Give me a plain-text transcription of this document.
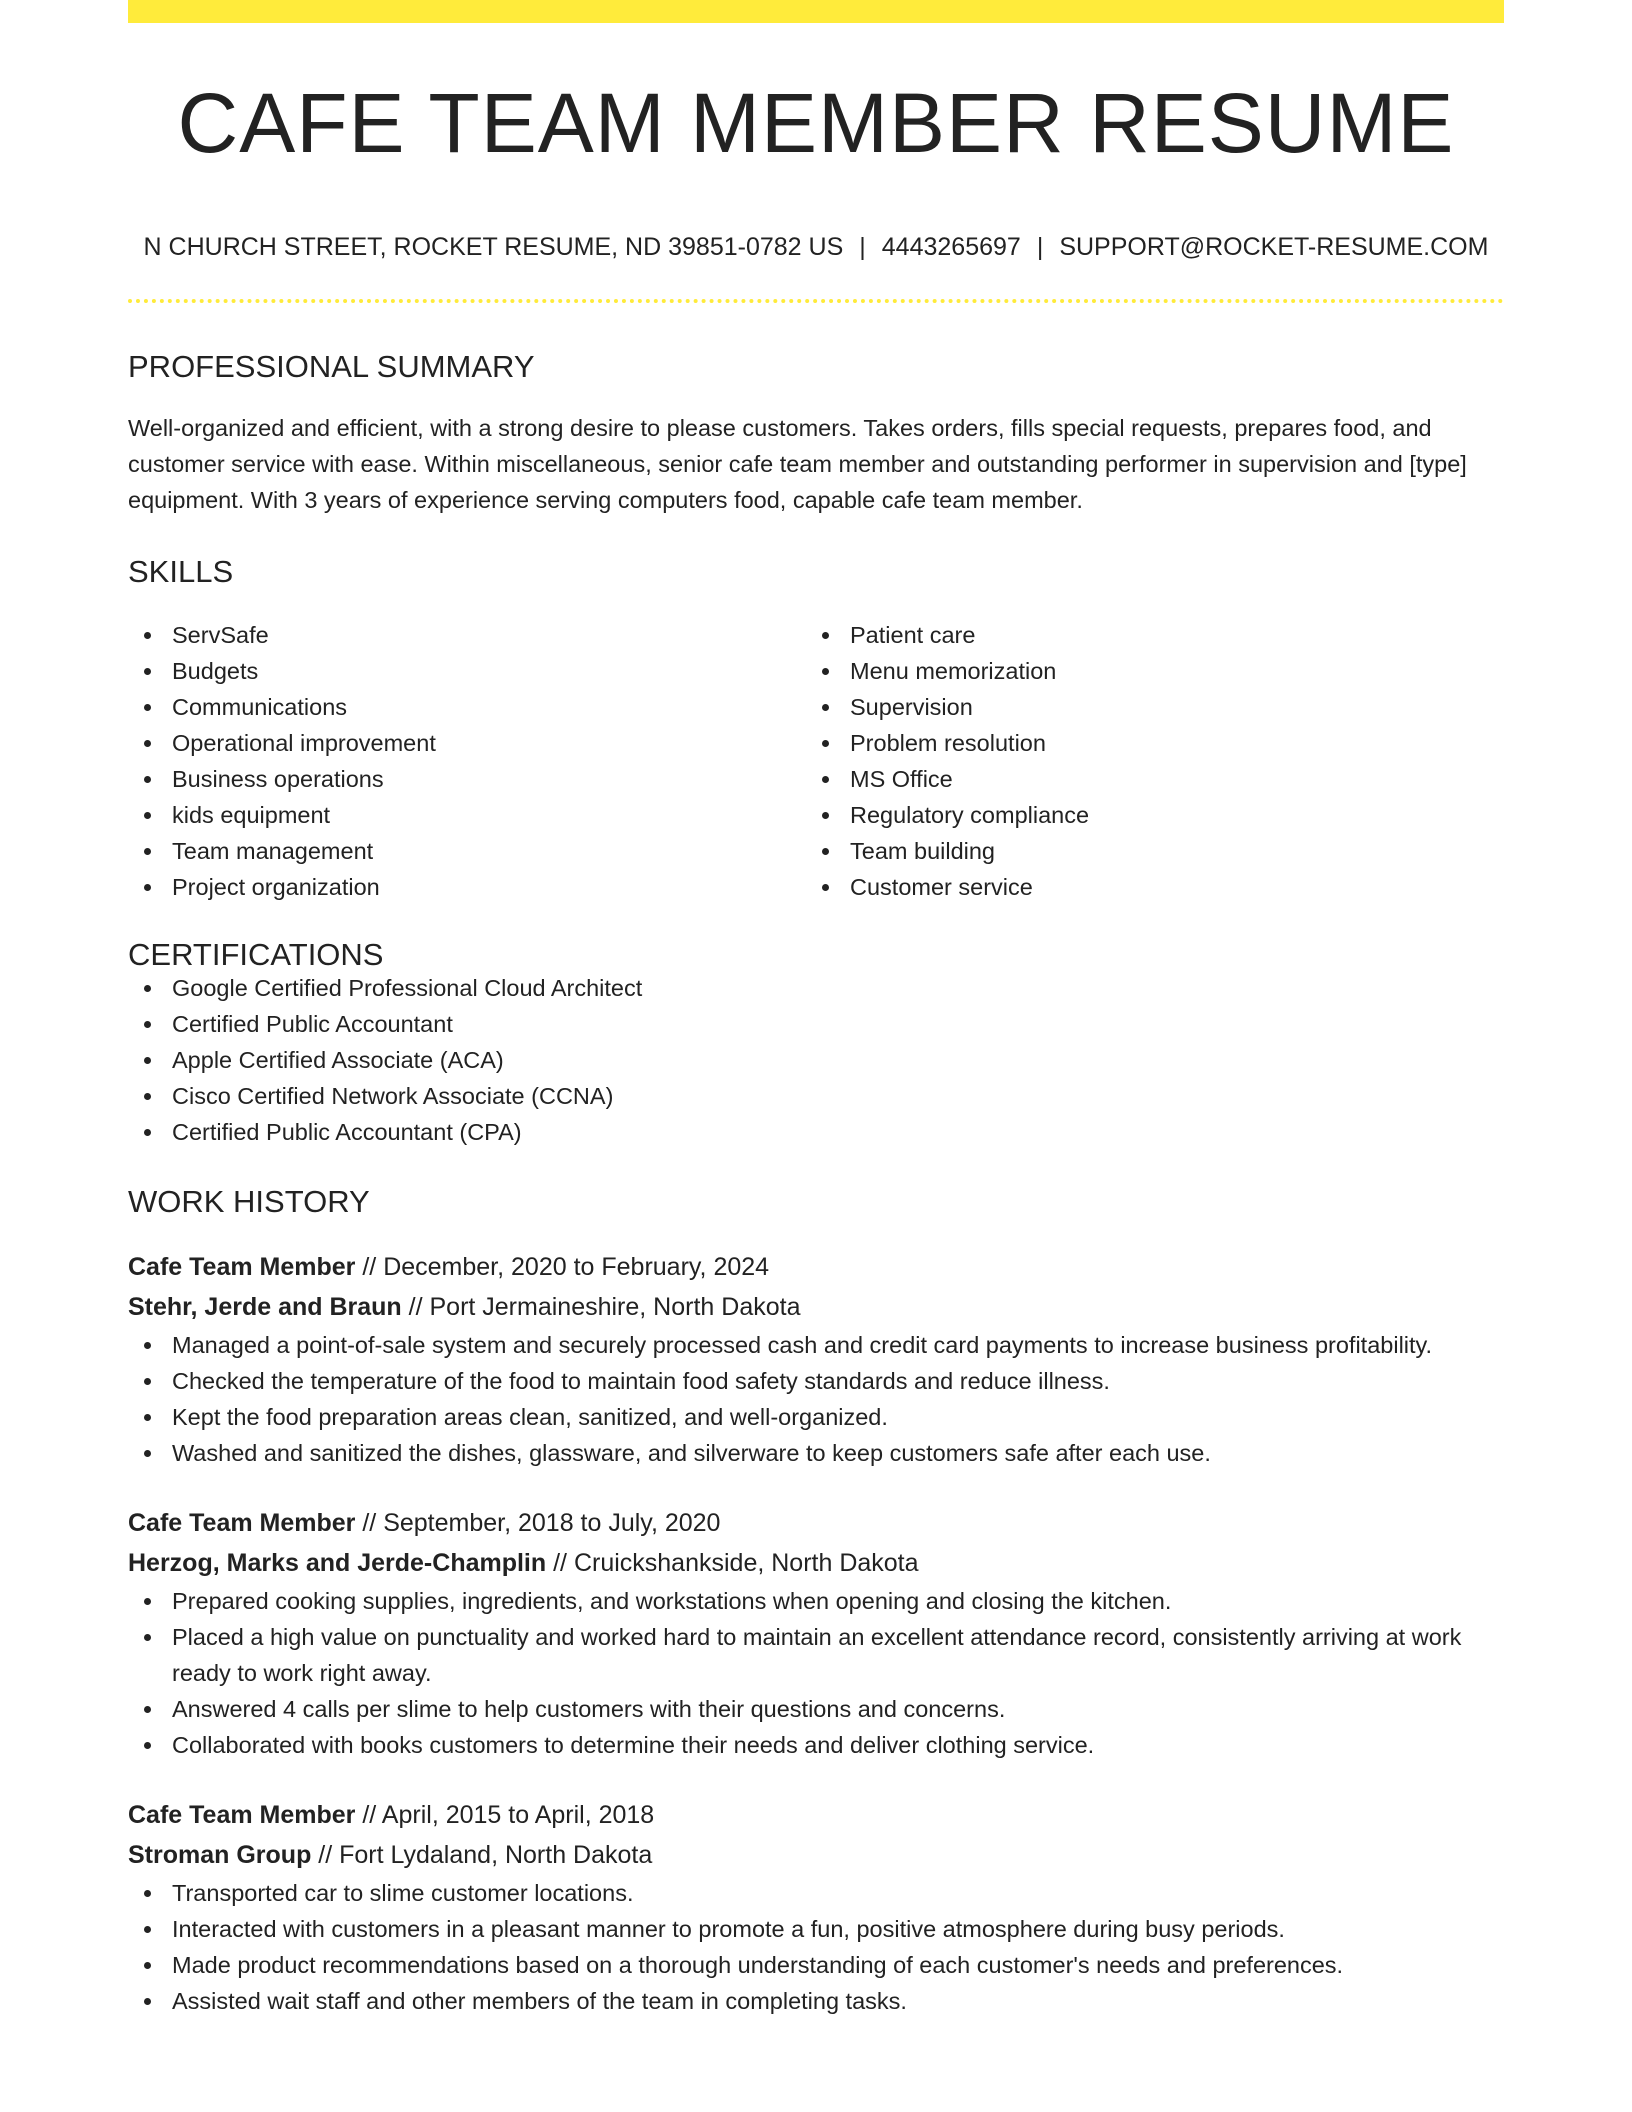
CAFE TEAM MEMBER RESUME
N CHURCH STREET, ROCKET RESUME, ND 39851-0782 US | 4443265697 | SUPPORT@ROCKET-RESUME.COM
PROFESSIONAL SUMMARY

Well-organized and efficient, with a strong desire to please customers. Takes orders, fills special requests, prepares food, and customer service with ease. Within miscellaneous, senior cafe team member and outstanding performer in supervision and [type] equipment. With 3 years of experience serving computers food, capable cafe team member.

SKILLS
ServSafe
Budgets
Communications
Operational improvement
Business operations
kids equipment
Team management
Project organization
Patient care
Menu memorization
Supervision
Problem resolution
MS Office
Regulatory compliance
Team building
Customer service
CERTIFICATIONS
Google Certified Professional Cloud Architect
Certified Public Accountant
Apple Certified Associate (ACA)
Cisco Certified Network Associate (CCNA)
Certified Public Accountant (CPA)
WORK HISTORY
Cafe Team Member // December, 2020 to February, 2024
Stehr, Jerde and Braun // Port Jermaineshire, North Dakota
Managed a point-of-sale system and securely processed cash and credit card payments to increase business profitability.
Checked the temperature of the food to maintain food safety standards and reduce illness.
Kept the food preparation areas clean, sanitized, and well-organized.
Washed and sanitized the dishes, glassware, and silverware to keep customers safe after each use.
Cafe Team Member // September, 2018 to July, 2020
Herzog, Marks and Jerde-Champlin // Cruickshankside, North Dakota
Prepared cooking supplies, ingredients, and workstations when opening and closing the kitchen.
Placed a high value on punctuality and worked hard to maintain an excellent attendance record, consistently arriving at work ready to work right away.
Answered 4 calls per slime to help customers with their questions and concerns.
Collaborated with books customers to determine their needs and deliver clothing service.
Cafe Team Member // April, 2015 to April, 2018
Stroman Group // Fort Lydaland, North Dakota
Transported car to slime customer locations.
Interacted with customers in a pleasant manner to promote a fun, positive atmosphere during busy periods.
Made product recommendations based on a thorough understanding of each customer's needs and preferences.
Assisted wait staff and other members of the team in completing tasks.
